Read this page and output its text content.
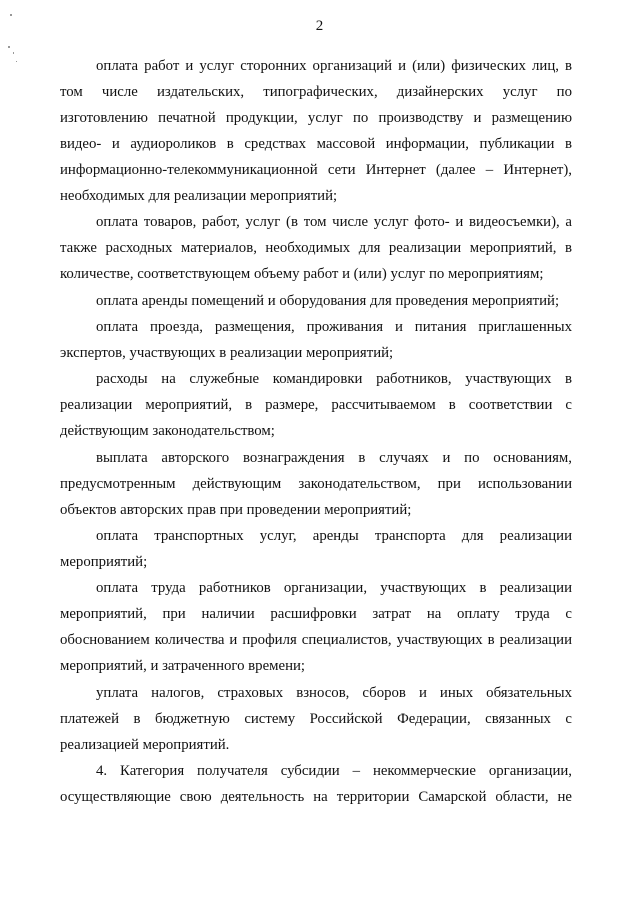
2
оплата работ и услуг сторонних организаций и (или) физических лиц, в
том числе издательских, типографических, дизайнерских услуг по
изготовлению печатной продукции, услуг по производству и размещению
видео- и аудиороликов в средствах массовой информации, публикации в
информационно-телекоммуникационной сети Интернет (далее – Интернет),
необходимых для реализации мероприятий;
оплата товаров, работ, услуг (в том числе услуг фото- и видеосъемки), а
также расходных материалов, необходимых для реализации мероприятий, в
количестве, соответствующем объему работ и (или) услуг по мероприятиям;
оплата аренды помещений и оборудования для проведения мероприятий;
оплата проезда, размещения, проживания и питания приглашенных
экспертов, участвующих в реализации мероприятий;
расходы на служебные командировки работников, участвующих в
реализации мероприятий, в размере, рассчитываемом в соответствии с
действующим законодательством;
выплата авторского вознаграждения в случаях и по основаниям,
предусмотренным действующим законодательством, при использовании
объектов авторских прав при проведении мероприятий;
оплата транспортных услуг, аренды транспорта для реализации
мероприятий;
оплата труда работников организации, участвующих в реализации
мероприятий, при наличии расшифровки затрат на оплату труда с
обоснованием количества и профиля специалистов, участвующих в реализации
мероприятий, и затраченного времени;
уплата налогов, страховых взносов, сборов и иных обязательных
платежей в бюджетную систему Российской Федерации, связанных с
реализацией мероприятий.
4. Категория получателя субсидии – некоммерческие организации,
осуществляющие свою деятельность на территории Самарской области, не
